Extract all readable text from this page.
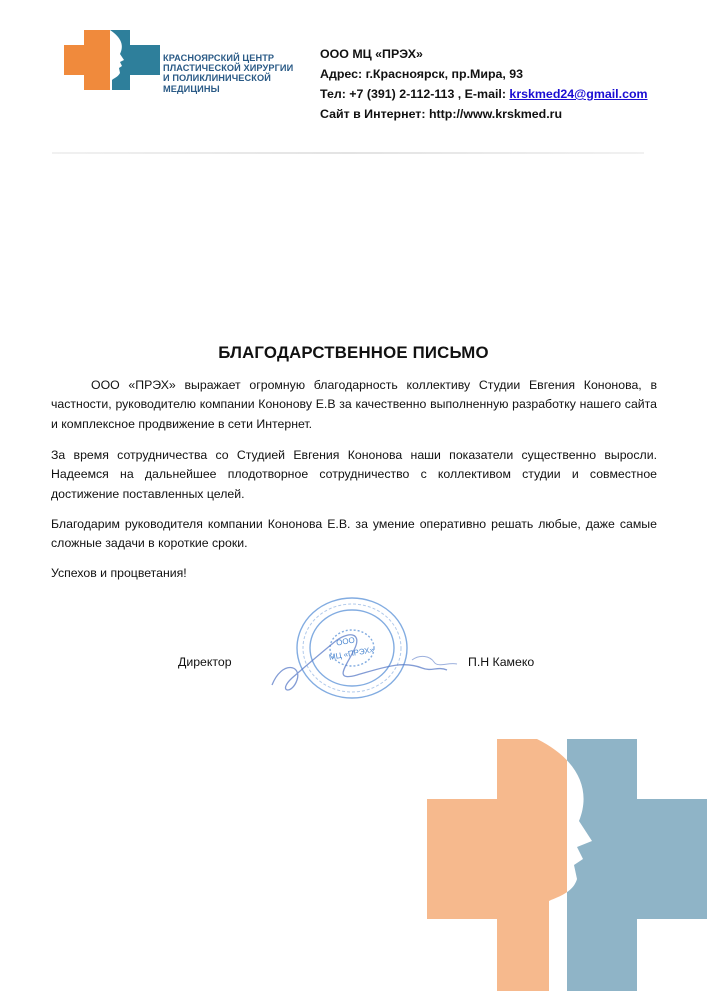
КРАСНОЯРСКИЙ ЦЕНТР
ПЛАСТИЧЕСКОЙ ХИРУРГИИ
И ПОЛИКЛИНИЧЕСКОЙ
МЕДИЦИНЫ
ООО МЦ «ПРЭХ»
Адрес: г.Красноярск, пр.Мира, 93
Тел: +7 (391) 2-112-113 , E-mail: krskmed24@gmail.com
Сайт в Интернет: http://www.krskmed.ru
БЛАГОДАРСТВЕННОЕ ПИСЬМО
ООО «ПРЭХ» выражает огромную благодарность коллективу Студии Евгения Кононова, в частности, руководителю компании Кононову Е.В за качественно выполненную разработку нашего сайта и комплексное продвижение в сети Интернет.
За время сотрудничества со Студией Евгения Кононова наши показатели существенно выросли. Надеемся на дальнейшее плодотворное сотрудничество с коллективом студии и совместное достижение поставленных целей.
Благодарим руководителя компании Кононова Е.В. за умение оперативно решать любые, даже самые сложные задачи в короткие сроки.
Успехов и процветания!
ООО
МЦ «ПРЭХ»
Директор	П.Н Камеко
